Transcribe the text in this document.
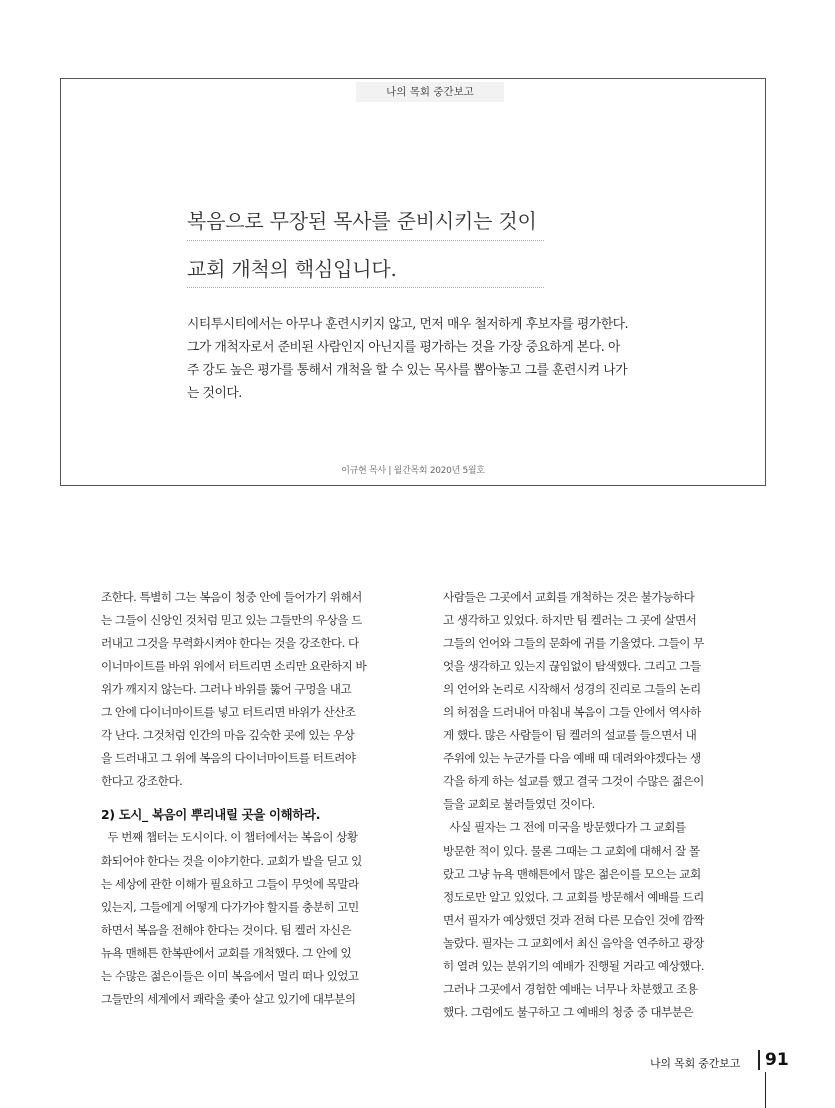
나의 목회 중간보고
복음으로 무장된 목사를 준비시키는 것이
교회 개척의 핵심입니다.
시티투시티에서는 아무나 훈련시키지 않고, 먼저 매우 철저하게 후보자를 평가한다.
그가 개척자로서 준비된 사람인지 아닌지를 평가하는 것을 가장 중요하게 본다. 아
주 강도 높은 평가를 통해서 개척을 할 수 있는 목사를 뽑아놓고 그를 훈련시켜 나가
는 것이다.
이규현 목사 | 월간목회 2020년 5월호
조한다. 특별히 그는 복음이 청중 안에 들어가기 위해서
는 그들이 신앙인 것처럼 믿고 있는 그들만의 우상을 드
러내고 그것을 무력화시켜야 한다는 것을 강조한다. 다
이너마이트를 바위 위에서 터트리면 소리만 요란하지 바
위가 깨지지 않는다. 그러나 바위를 뚫어 구멍을 내고
그 안에 다이너마이트를 넣고 터트리면 바위가 산산조
각 난다. 그것처럼 인간의 마음 깊숙한 곳에 있는 우상
을 드러내고 그 위에 복음의 다이너마이트를 터트려야
한다고 강조한다.
2) 도시_ 복음이 뿌리내릴 곳을 이해하라.
두 번째 챕터는 도시이다. 이 챕터에서는 복음이 상황
화되어야 한다는 것을 이야기한다. 교회가 발을 딛고 있
는 세상에 관한 이해가 필요하고 그들이 무엇에 목말라
있는지, 그들에게 어떻게 다가가야 할지를 충분히 고민
하면서 복음을 전해야 한다는 것이다. 팀 켈러 자신은
뉴욕 맨해튼 한복판에서 교회를 개척했다. 그 안에 있
는 수많은 젊은이들은 이미 복음에서 멀리 떠나 있었고
그들만의 세계에서 쾌락을 좇아 살고 있기에 대부분의
사람들은 그곳에서 교회를 개척하는 것은 불가능하다
고 생각하고 있었다. 하지만 팀 켈러는 그 곳에 살면서
그들의 언어와 그들의 문화에 귀를 기울였다. 그들이 무
엇을 생각하고 있는지 끊임없이 탐색했다. 그리고 그들
의 언어와 논리로 시작해서 성경의 진리로 그들의 논리
의 허점을 드러내어 마침내 복음이 그들 안에서 역사하
게 했다. 많은 사람들이 팀 켈러의 설교를 들으면서 내
주위에 있는 누군가를 다음 예배 때 데려와야겠다는 생
각을 하게 하는 설교를 했고 결국 그것이 수많은 젊은이
들을 교회로 불러들였던 것이다.
사실 필자는 그 전에 미국을 방문했다가 그 교회를
방문한 적이 있다. 물론 그때는 그 교회에 대해서 잘 몰
랐고 그냥 뉴욕 맨해튼에서 많은 젊은이를 모으는 교회
정도로만 알고 있었다. 그 교회를 방문해서 예배를 드리
면서 필자가 예상했던 것과 전혀 다른 모습인 것에 깜짝
놀랐다. 필자는 그 교회에서 최신 음악을 연주하고 광장
히 열려 있는 분위기의 예배가 진행될 거라고 예상했다.
그러나 그곳에서 경험한 예배는 너무나 차분했고 조용
했다. 그럼에도 불구하고 그 예배의 청중 중 대부분은
나의 목회 중간보고 91
